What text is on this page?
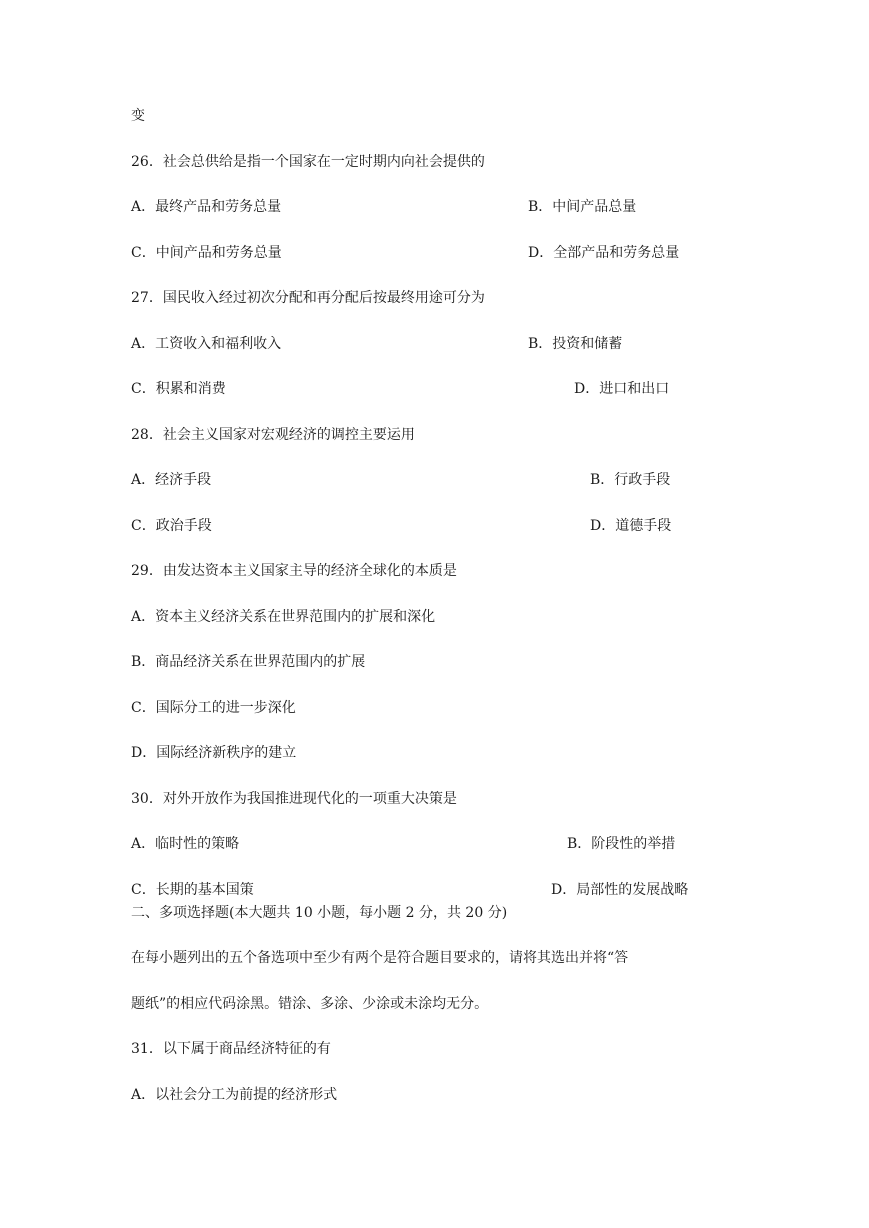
变
26．社会总供给是指一个国家在一定时期内向社会提供的
A．最终产品和劳务总量	B．中间产品总量
C．中间产品和劳务总量	D．全部产品和劳务总量
27．国民收入经过初次分配和再分配后按最终用途可分为
A．工资收入和福利收入	B．投资和储蓄
C．积累和消费	D．进口和出口
28．社会主义国家对宏观经济的调控主要运用
A．经济手段	B．行政手段
C．政治手段	D．道德手段
29．由发达资本主义国家主导的经济全球化的本质是
A．资本主义经济关系在世界范围内的扩展和深化
B．商品经济关系在世界范围内的扩展
C．国际分工的进一步深化
D．国际经济新秩序的建立
30．对外开放作为我国推进现代化的一项重大决策是
A．临时性的策略	B．阶段性的举措
C．长期的基本国策	D．局部性的发展战略
二、多项选择题(本大题共 10 小题，每小题 2 分，共 20 分)
在每小题列出的五个备选项中至少有两个是符合题目要求的，请将其选出并将“答
题纸”的相应代码涂黑。错涂、多涂、少涂或未涂均无分。
31．以下属于商品经济特征的有
A．以社会分工为前提的经济形式
